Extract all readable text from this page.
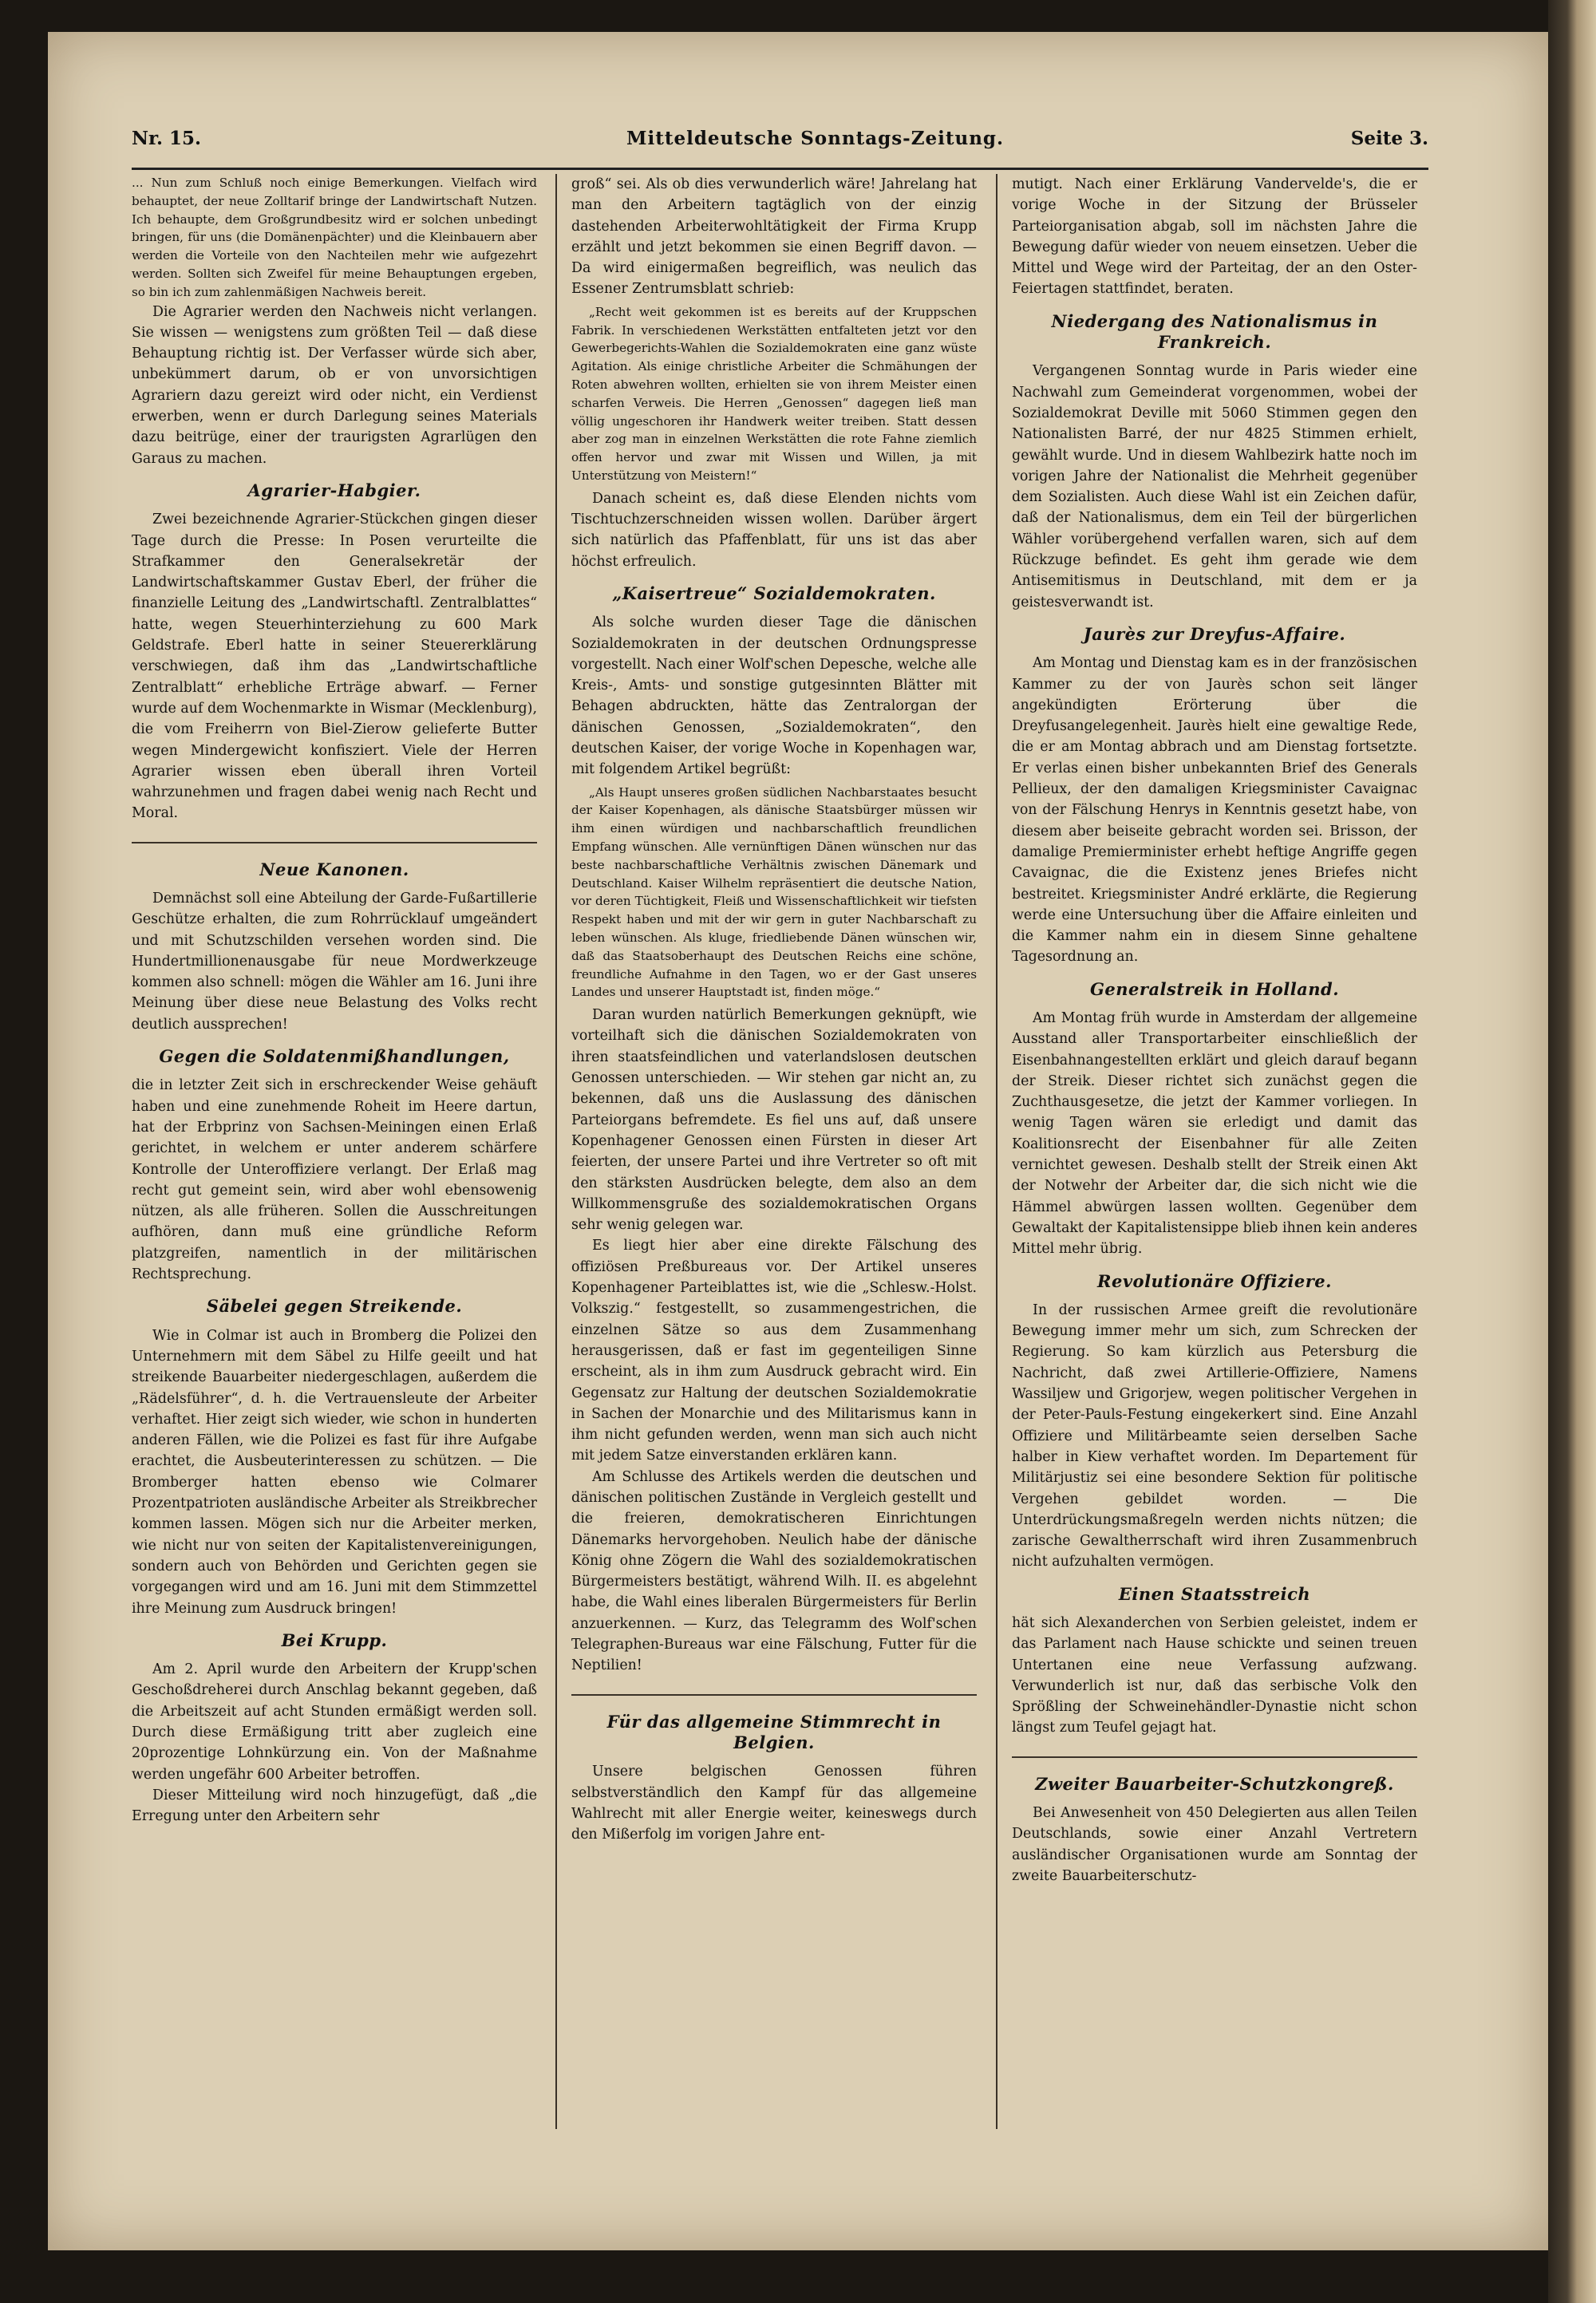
Nr. 15.	Mitteldeutsche Sonntags-Zeitung.	Seite 3.

... Nun zum Schluß noch einige Bemerkungen. Vielfach wird behauptet, der neue Zolltarif bringe der Landwirtschaft Nutzen. Ich behaupte, dem Großgrundbesitz wird er solchen unbedingt bringen, für uns (die Domänenpächter) und die Kleinbauern aber werden die Vorteile von den Nachteilen mehr wie aufgezehrt werden. Sollten sich Zweifel für meine Behauptungen ergeben, so bin ich zum zahlenmäßigen Nachweis bereit.

Die Agrarier werden den Nachweis nicht verlangen. Sie wissen — wenigstens zum größten Teil — daß diese Behauptung richtig ist. Der Verfasser würde sich aber, unbekümmert darum, ob er von unvorsichtigen Agrariern dazu gereizt wird oder nicht, ein Verdienst erwerben, wenn er durch Darlegung seines Materials dazu beitrüge, einer der traurigsten Agrarlügen den Garaus zu machen.

Agrarier-Habgier.

Zwei bezeichnende Agrarier-Stückchen gingen dieser Tage durch die Presse: In Posen verurteilte die Strafkammer den Generalsekretär der Landwirtschaftskammer Gustav Eberl, der früher die finanzielle Leitung des „Landwirtschaftl. Zentralblattes“ hatte, wegen Steuerhinterziehung zu 600 Mark Geldstrafe. Eberl hatte in seiner Steuererklärung verschwiegen, daß ihm das „Landwirtschaftliche Zentralblatt“ erhebliche Erträge abwarf. — Ferner wurde auf dem Wochenmarkte in Wismar (Mecklenburg), die vom Freiherrn von Biel-Zierow gelieferte Butter wegen Mindergewicht konfisziert. Viele der Herren Agrarier wissen eben überall ihren Vorteil wahrzunehmen und fragen dabei wenig nach Recht und Moral.

Neue Kanonen.

Demnächst soll eine Abteilung der Garde-Fußartillerie Geschütze erhalten, die zum Rohrrücklauf umgeändert und mit Schutzschilden versehen worden sind. Die Hundertmillionenausgabe für neue Mordwerkzeuge kommen also schnell: mögen die Wähler am 16. Juni ihre Meinung über diese neue Belastung des Volks recht deutlich aussprechen!

Gegen die Soldatenmißhandlungen,

die in letzter Zeit sich in erschreckender Weise gehäuft haben und eine zunehmende Roheit im Heere dartun, hat der Erbprinz von Sachsen-Meiningen einen Erlaß gerichtet, in welchem er unter anderem schärfere Kontrolle der Unteroffiziere verlangt. Der Erlaß mag recht gut gemeint sein, wird aber wohl ebensowenig nützen, als alle früheren. Sollen die Ausschreitungen aufhören, dann muß eine gründliche Reform platzgreifen, namentlich in der militärischen Rechtsprechung.

Säbelei gegen Streikende.

Wie in Colmar ist auch in Bromberg die Polizei den Unternehmern mit dem Säbel zu Hilfe geeilt und hat streikende Bauarbeiter niedergeschlagen, außerdem die „Rädelsführer“, d. h. die Vertrauensleute der Arbeiter verhaftet. Hier zeigt sich wieder, wie schon in hunderten anderen Fällen, wie die Polizei es fast für ihre Aufgabe erachtet, die Ausbeuterinteressen zu schützen. — Die Bromberger hatten ebenso wie Colmarer Prozentpatrioten ausländische Arbeiter als Streikbrecher kommen lassen. Mögen sich nur die Arbeiter merken, wie nicht nur von seiten der Kapitalistenvereinigungen, sondern auch von Behörden und Gerichten gegen sie vorgegangen wird und am 16. Juni mit dem Stimmzettel ihre Meinung zum Ausdruck bringen!

Bei Krupp.

Am 2. April wurde den Arbeitern der Krupp'schen Geschoßdreherei durch Anschlag bekannt gegeben, daß die Arbeitszeit auf acht Stunden ermäßigt werden soll. Durch diese Ermäßigung tritt aber zugleich eine 20prozentige Lohnkürzung ein. Von der Maßnahme werden ungefähr 600 Arbeiter betroffen.

Dieser Mitteilung wird noch hinzugefügt, daß „die Erregung unter den Arbeitern sehr

groß“ sei. Als ob dies verwunderlich wäre! Jahrelang hat man den Arbeitern tagtäglich von der einzig dastehenden Arbeiterwohltätigkeit der Firma Krupp erzählt und jetzt bekommen sie einen Begriff davon. — Da wird einigermaßen begreiflich, was neulich das Essener Zentrumsblatt schrieb:

„Recht weit gekommen ist es bereits auf der Kruppschen Fabrik. In verschiedenen Werkstätten entfalteten jetzt vor den Gewerbegerichts-Wahlen die Sozialdemokraten eine ganz wüste Agitation. Als einige christliche Arbeiter die Schmähungen der Roten abwehren wollten, erhielten sie von ihrem Meister einen scharfen Verweis. Die Herren „Genossen“ dagegen ließ man völlig ungeschoren ihr Handwerk weiter treiben. Statt dessen aber zog man in einzelnen Werkstätten die rote Fahne ziemlich offen hervor und zwar mit Wissen und Willen, ja mit Unterstützung von Meistern!“

Danach scheint es, daß diese Elenden nichts vom Tischtuchzerschneiden wissen wollen. Darüber ärgert sich natürlich das Pfaffenblatt, für uns ist das aber höchst erfreulich.

„Kaisertreue“ Sozialdemokraten.

Als solche wurden dieser Tage die dänischen Sozialdemokraten in der deutschen Ordnungspresse vorgestellt. Nach einer Wolf'schen Depesche, welche alle Kreis-, Amts- und sonstige gutgesinnten Blätter mit Behagen abdruckten, hätte das Zentralorgan der dänischen Genossen, „Sozialdemokraten“, den deutschen Kaiser, der vorige Woche in Kopenhagen war, mit folgendem Artikel begrüßt:

„Als Haupt unseres großen südlichen Nachbarstaates besucht der Kaiser Kopenhagen, als dänische Staatsbürger müssen wir ihm einen würdigen und nachbarschaftlich freundlichen Empfang wünschen. Alle vernünftigen Dänen wünschen nur das beste nachbarschaftliche Verhältnis zwischen Dänemark und Deutschland. Kaiser Wilhelm repräsentiert die deutsche Nation, vor deren Tüchtigkeit, Fleiß und Wissenschaftlichkeit wir tiefsten Respekt haben und mit der wir gern in guter Nachbarschaft zu leben wünschen. Als kluge, friedliebende Dänen wünschen wir, daß das Staatsoberhaupt des Deutschen Reichs eine schöne, freundliche Aufnahme in den Tagen, wo er der Gast unseres Landes und unserer Hauptstadt ist, finden möge.“

Daran wurden natürlich Bemerkungen geknüpft, wie vorteilhaft sich die dänischen Sozialdemokraten von ihren staatsfeindlichen und vaterlandslosen deutschen Genossen unterschieden. — Wir stehen gar nicht an, zu bekennen, daß uns die Auslassung des dänischen Parteiorgans befremdete. Es fiel uns auf, daß unsere Kopenhagener Genossen einen Fürsten in dieser Art feierten, der unsere Partei und ihre Vertreter so oft mit den stärksten Ausdrücken belegte, dem also an dem Willkommensgruße des sozialdemokratischen Organs sehr wenig gelegen war.

Es liegt hier aber eine direkte Fälschung des offiziösen Preßbureaus vor. Der Artikel unseres Kopenhagener Parteiblattes ist, wie die „Schlesw.-Holst. Volkszig.“ festgestellt, so zusammengestrichen, die einzelnen Sätze so aus dem Zusammenhang herausgerissen, daß er fast im gegenteiligen Sinne erscheint, als in ihm zum Ausdruck gebracht wird. Ein Gegensatz zur Haltung der deutschen Sozialdemokratie in Sachen der Monarchie und des Militarismus kann in ihm nicht gefunden werden, wenn man sich auch nicht mit jedem Satze einverstanden erklären kann.

Am Schlusse des Artikels werden die deutschen und dänischen politischen Zustände in Vergleich gestellt und die freieren, demokratischeren Einrichtungen Dänemarks hervorgehoben. Neulich habe der dänische König ohne Zögern die Wahl des sozialdemokratischen Bürgermeisters bestätigt, während Wilh. II. es abgelehnt habe, die Wahl eines liberalen Bürgermeisters für Berlin anzuerkennen. — Kurz, das Telegramm des Wolf'schen Telegraphen-Bureaus war eine Fälschung, Futter für die Neptilien!

Für das allgemeine Stimmrecht in Belgien.

Unsere belgischen Genossen führen selbstverständlich den Kampf für das allgemeine Wahlrecht mit aller Energie weiter, keineswegs durch den Mißerfolg im vorigen Jahre ent-

mutigt. Nach einer Erklärung Vandervelde's, die er vorige Woche in der Sitzung der Brüsseler Parteiorganisation abgab, soll im nächsten Jahre die Bewegung dafür wieder von neuem einsetzen. Ueber die Mittel und Wege wird der Parteitag, der an den Oster-Feiertagen stattfindet, beraten.

Niedergang des Nationalismus in Frankreich.

Vergangenen Sonntag wurde in Paris wieder eine Nachwahl zum Gemeinderat vorgenommen, wobei der Sozialdemokrat Deville mit 5060 Stimmen gegen den Nationalisten Barré, der nur 4825 Stimmen erhielt, gewählt wurde. Und in diesem Wahlbezirk hatte noch im vorigen Jahre der Nationalist die Mehrheit gegenüber dem Sozialisten. Auch diese Wahl ist ein Zeichen dafür, daß der Nationalismus, dem ein Teil der bürgerlichen Wähler vorübergehend verfallen waren, sich auf dem Rückzuge befindet. Es geht ihm gerade wie dem Antisemitismus in Deutschland, mit dem er ja geistesverwandt ist.

Jaurès zur Dreyfus-Affaire.

Am Montag und Dienstag kam es in der französischen Kammer zu der von Jaurès schon seit länger angekündigten Erörterung über die Dreyfusangelegenheit. Jaurès hielt eine gewaltige Rede, die er am Montag abbrach und am Dienstag fortsetzte. Er verlas einen bisher unbekannten Brief des Generals Pellieux, der den damaligen Kriegsminister Cavaignac von der Fälschung Henrys in Kenntnis gesetzt habe, von diesem aber beiseite gebracht worden sei. Brisson, der damalige Premierminister erhebt heftige Angriffe gegen Cavaignac, die die Existenz jenes Briefes nicht bestreitet. Kriegsminister André erklärte, die Regierung werde eine Untersuchung über die Affaire einleiten und die Kammer nahm ein in diesem Sinne gehaltene Tagesordnung an.

Generalstreik in Holland.

Am Montag früh wurde in Amsterdam der allgemeine Ausstand aller Transportarbeiter einschließlich der Eisenbahnangestellten erklärt und gleich darauf begann der Streik. Dieser richtet sich zunächst gegen die Zuchthausgesetze, die jetzt der Kammer vorliegen. In wenig Tagen wären sie erledigt und damit das Koalitionsrecht der Eisenbahner für alle Zeiten vernichtet gewesen. Deshalb stellt der Streik einen Akt der Notwehr der Arbeiter dar, die sich nicht wie die Hämmel abwürgen lassen wollten. Gegenüber dem Gewaltakt der Kapitalistensippe blieb ihnen kein anderes Mittel mehr übrig.

Revolutionäre Offiziere.

In der russischen Armee greift die revolutionäre Bewegung immer mehr um sich, zum Schrecken der Regierung. So kam kürzlich aus Petersburg die Nachricht, daß zwei Artillerie-Offiziere, Namens Wassiljew und Grigorjew, wegen politischer Vergehen in der Peter-Pauls-Festung eingekerkert sind. Eine Anzahl Offiziere und Militärbeamte seien derselben Sache halber in Kiew verhaftet worden. Im Departement für Militärjustiz sei eine besondere Sektion für politische Vergehen gebildet worden. — Die Unterdrückungsmaßregeln werden nichts nützen; die zarische Gewaltherrschaft wird ihren Zusammenbruch nicht aufzuhalten vermögen.

Einen Staatsstreich

hät sich Alexanderchen von Serbien geleistet, indem er das Parlament nach Hause schickte und seinen treuen Untertanen eine neue Verfassung aufzwang. Verwunderlich ist nur, daß das serbische Volk den Sprößling der Schweinehändler-Dynastie nicht schon längst zum Teufel gejagt hat.

Zweiter Bauarbeiter-Schutzkongreß.

Bei Anwesenheit von 450 Delegierten aus allen Teilen Deutschlands, sowie einer Anzahl Vertretern ausländischer Organisationen wurde am Sonntag der zweite Bauarbeiterschutz-
